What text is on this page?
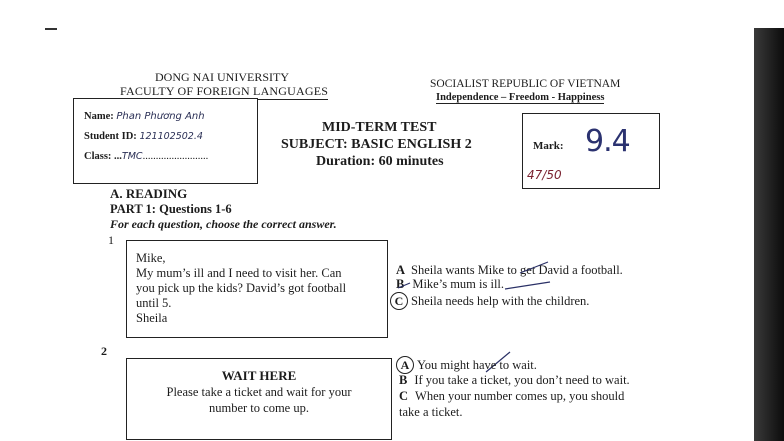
DONG NAI UNIVERSITY
FACULTY OF FOREIGN LANGUAGES	SOCIALIST REPUBLIC OF VIETNAM
Independence – Freedom - Happiness
Name: Phan Phương Anh
Student ID: 121102502.4
Class: ...TMC.........................
MID-TERM TEST
SUBJECT: BASIC ENGLISH 2
Duration: 60 minutes
Mark: 9.4
47/50
A. READING
PART 1: Questions 1-6
For each question, choose the correct answer.
1
Mike,
My mum’s ill and I need to visit her. Can
you pick up the kids? David’s got football
until 5.
Sheila
A Sheila wants Mike to get David a football.
B Mike’s mum is ill.
C Sheila needs help with the children.
2
WAIT HERE
Please take a ticket and wait for your
number to come up.
A You might have to wait.
B If you take a ticket, you don’t need to wait.
C When your number comes up, you should
take a ticket.
